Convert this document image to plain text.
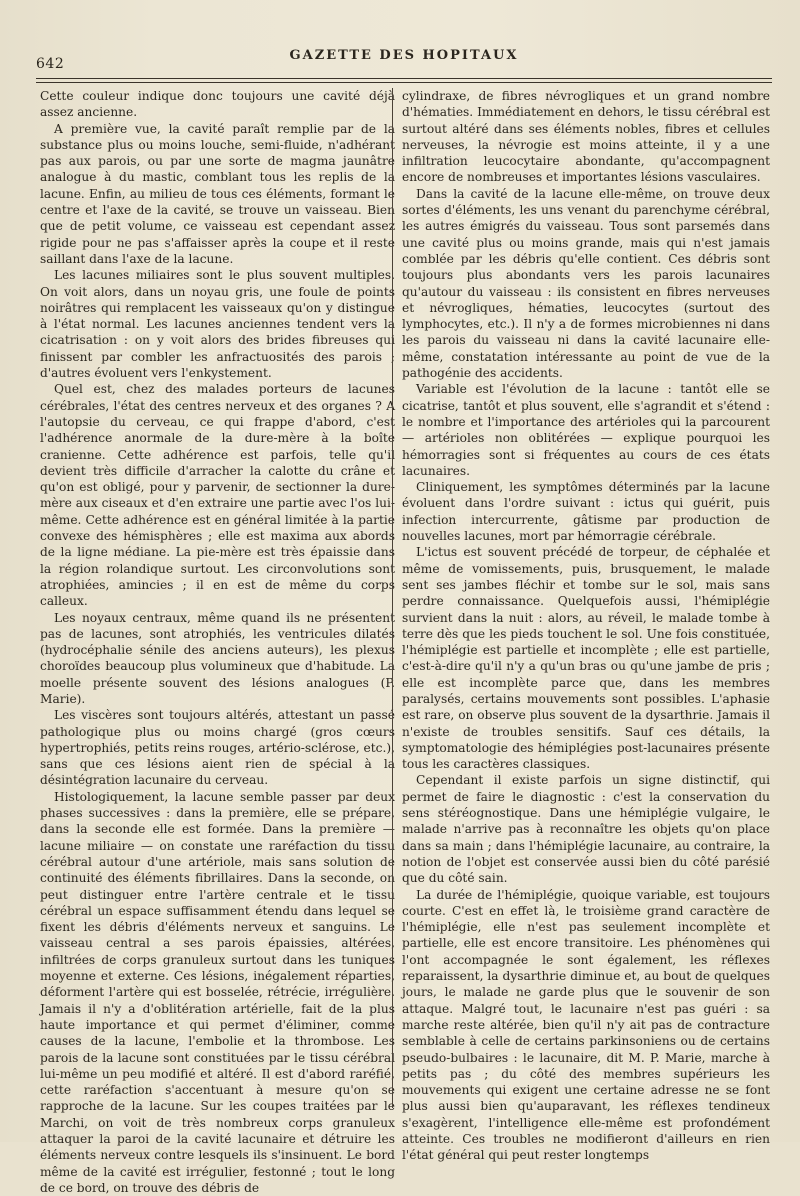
642
GAZETTE DES HOPITAUX

Cette couleur indique donc toujours une cavité déjà assez ancienne.

A première vue, la cavité paraît remplie par de la substance plus ou moins louche, semi-fluide, n'adhérant pas aux parois, ou par une sorte de magma jaunâtre analogue à du mastic, comblant tous les replis de la lacune. Enfin, au milieu de tous ces éléments, formant le centre et l'axe de la cavité, se trouve un vaisseau. Bien que de petit volume, ce vaisseau est cependant assez rigide pour ne pas s'affaisser après la coupe et il reste saillant dans l'axe de la lacune.

Les lacunes miliaires sont le plus souvent multiples. On voit alors, dans un noyau gris, une foule de points noirâtres qui remplacent les vaisseaux qu'on y distingue à l'état normal. Les lacunes anciennes tendent vers la cicatrisation : on y voit alors des brides fibreuses qui finissent par combler les anfractuosités des parois ; d'autres évoluent vers l'enkystement.

Quel est, chez des malades porteurs de lacunes cérébrales, l'état des centres nerveux et des organes ? A l'autopsie du cerveau, ce qui frappe d'abord, c'est l'adhérence anormale de la dure-mère à la boîte cranienne. Cette adhérence est parfois, telle qu'il devient très difficile d'arracher la calotte du crâne et qu'on est obligé, pour y parvenir, de sectionner la dure-mère aux ciseaux et d'en extraire une partie avec l'os lui-même. Cette adhérence est en général limitée à la partie convexe des hémisphères ; elle est maxima aux abords de la ligne médiane. La pie-mère est très épaissie dans la région rolandique surtout. Les circonvolutions sont atrophiées, amincies ; il en est de même du corps calleux.

Les noyaux centraux, même quand ils ne présentent pas de lacunes, sont atrophiés, les ventricules dilatés (hydrocéphalie sénile des anciens auteurs), les plexus choroïdes beaucoup plus volumineux que d'habitude. La moelle présente souvent des lésions analogues (P. Marie).

Les viscères sont toujours altérés, attestant un passé pathologique plus ou moins chargé (gros cœurs hypertrophiés, petits reins rouges, artério-sclérose, etc.), sans que ces lésions aient rien de spécial à la désintégration lacunaire du cerveau.

Histologiquement, la lacune semble passer par deux phases successives : dans la première, elle se prépare, dans la seconde elle est formée. Dans la première — lacune miliaire — on constate une raréfaction du tissu cérébral autour d'une artériole, mais sans solution de continuité des éléments fibrillaires. Dans la seconde, on peut distinguer entre l'artère centrale et le tissu cérébral un espace suffisamment étendu dans lequel se fixent les débris d'éléments nerveux et sanguins. Le vaisseau central a ses parois épaissies, altérées, infiltrées de corps granuleux surtout dans les tuniques moyenne et externe. Ces lésions, inégalement réparties, déforment l'artère qui est bosselée, rétrécie, irrégulière. Jamais il n'y a d'oblitération artérielle, fait de la plus haute importance et qui permet d'éliminer, comme causes de la lacune, l'embolie et la thrombose. Les parois de la lacune sont constituées par le tissu cérébral lui-même un peu modifié et altéré. Il est d'abord raréfié, cette raréfaction s'accentuant à mesure qu'on se rapproche de la lacune. Sur les coupes traitées par le Marchi, on voit de très nombreux corps granuleux attaquer la paroi de la cavité lacunaire et détruire les éléments nerveux contre lesquels ils s'insinuent. Le bord même de la cavité est irrégulier, festonné ; tout le long de ce bord, on trouve des débris de

cylindraxe, de fibres névrogliques et un grand nombre d'hématies. Immédiatement en dehors, le tissu cérébral est surtout altéré dans ses éléments nobles, fibres et cellules nerveuses, la névrogie est moins atteinte, il y a une infiltration leucocytaire abondante, qu'accompagnent encore de nombreuses et importantes lésions vasculaires.

Dans la cavité de la lacune elle-même, on trouve deux sortes d'éléments, les uns venant du parenchyme cérébral, les autres émigrés du vaisseau. Tous sont parsemés dans une cavité plus ou moins grande, mais qui n'est jamais comblée par les débris qu'elle contient. Ces débris sont toujours plus abondants vers les parois lacunaires qu'autour du vaisseau : ils consistent en fibres nerveuses et névrogliques, hématies, leucocytes (surtout des lymphocytes, etc.). Il n'y a de formes microbiennes ni dans les parois du vaisseau ni dans la cavité lacunaire elle-même, constatation intéressante au point de vue de la pathogénie des accidents.

Variable est l'évolution de la lacune : tantôt elle se cicatrise, tantôt et plus souvent, elle s'agrandit et s'étend : le nombre et l'importance des artérioles qui la parcourent — artérioles non oblitérées — explique pourquoi les hémorragies sont si fréquentes au cours de ces états lacunaires.

Cliniquement, les symptômes déterminés par la lacune évoluent dans l'ordre suivant : ictus qui guérit, puis infection intercurrente, gâtisme par production de nouvelles lacunes, mort par hémorragie cérébrale.

L'ictus est souvent précédé de torpeur, de céphalée et même de vomissements, puis, brusquement, le malade sent ses jambes fléchir et tombe sur le sol, mais sans perdre connaissance. Quelquefois aussi, l'hémiplégie survient dans la nuit : alors, au réveil, le malade tombe à terre dès que les pieds touchent le sol. Une fois constituée, l'hémiplégie est partielle et incomplète ; elle est partielle, c'est-à-dire qu'il n'y a qu'un bras ou qu'une jambe de pris ; elle est incomplète parce que, dans les membres paralysés, certains mouvements sont possibles. L'aphasie est rare, on observe plus souvent de la dysarthrie. Jamais il n'existe de troubles sensitifs. Sauf ces détails, la symptomatologie des hémiplégies post-lacunaires présente tous les caractères classiques.

Cependant il existe parfois un signe distinctif, qui permet de faire le diagnostic : c'est la conservation du sens stéréognostique. Dans une hémiplégie vulgaire, le malade n'arrive pas à reconnaître les objets qu'on place dans sa main ; dans l'hémiplégie lacunaire, au contraire, la notion de l'objet est conservée aussi bien du côté parésié que du côté sain.

La durée de l'hémiplégie, quoique variable, est toujours courte. C'est en effet là, le troisième grand caractère de l'hémiplégie, elle n'est pas seulement incomplète et partielle, elle est encore transitoire. Les phénomènes qui l'ont accompagnée le sont également, les réflexes reparaissent, la dysarthrie diminue et, au bout de quelques jours, le malade ne garde plus que le souvenir de son attaque. Malgré tout, le lacunaire n'est pas guéri : sa marche reste altérée, bien qu'il n'y ait pas de contracture semblable à celle de certains parkinsoniens ou de certains pseudo-bulbaires : le lacunaire, dit M. P. Marie, marche à petits pas ; du côté des membres supérieurs les mouvements qui exigent une certaine adresse ne se font plus aussi bien qu'auparavant, les réflexes tendineux s'exagèrent, l'intelligence elle-même est profondément atteinte. Ces troubles ne modifieront d'ailleurs en rien l'état général qui peut rester longtemps
